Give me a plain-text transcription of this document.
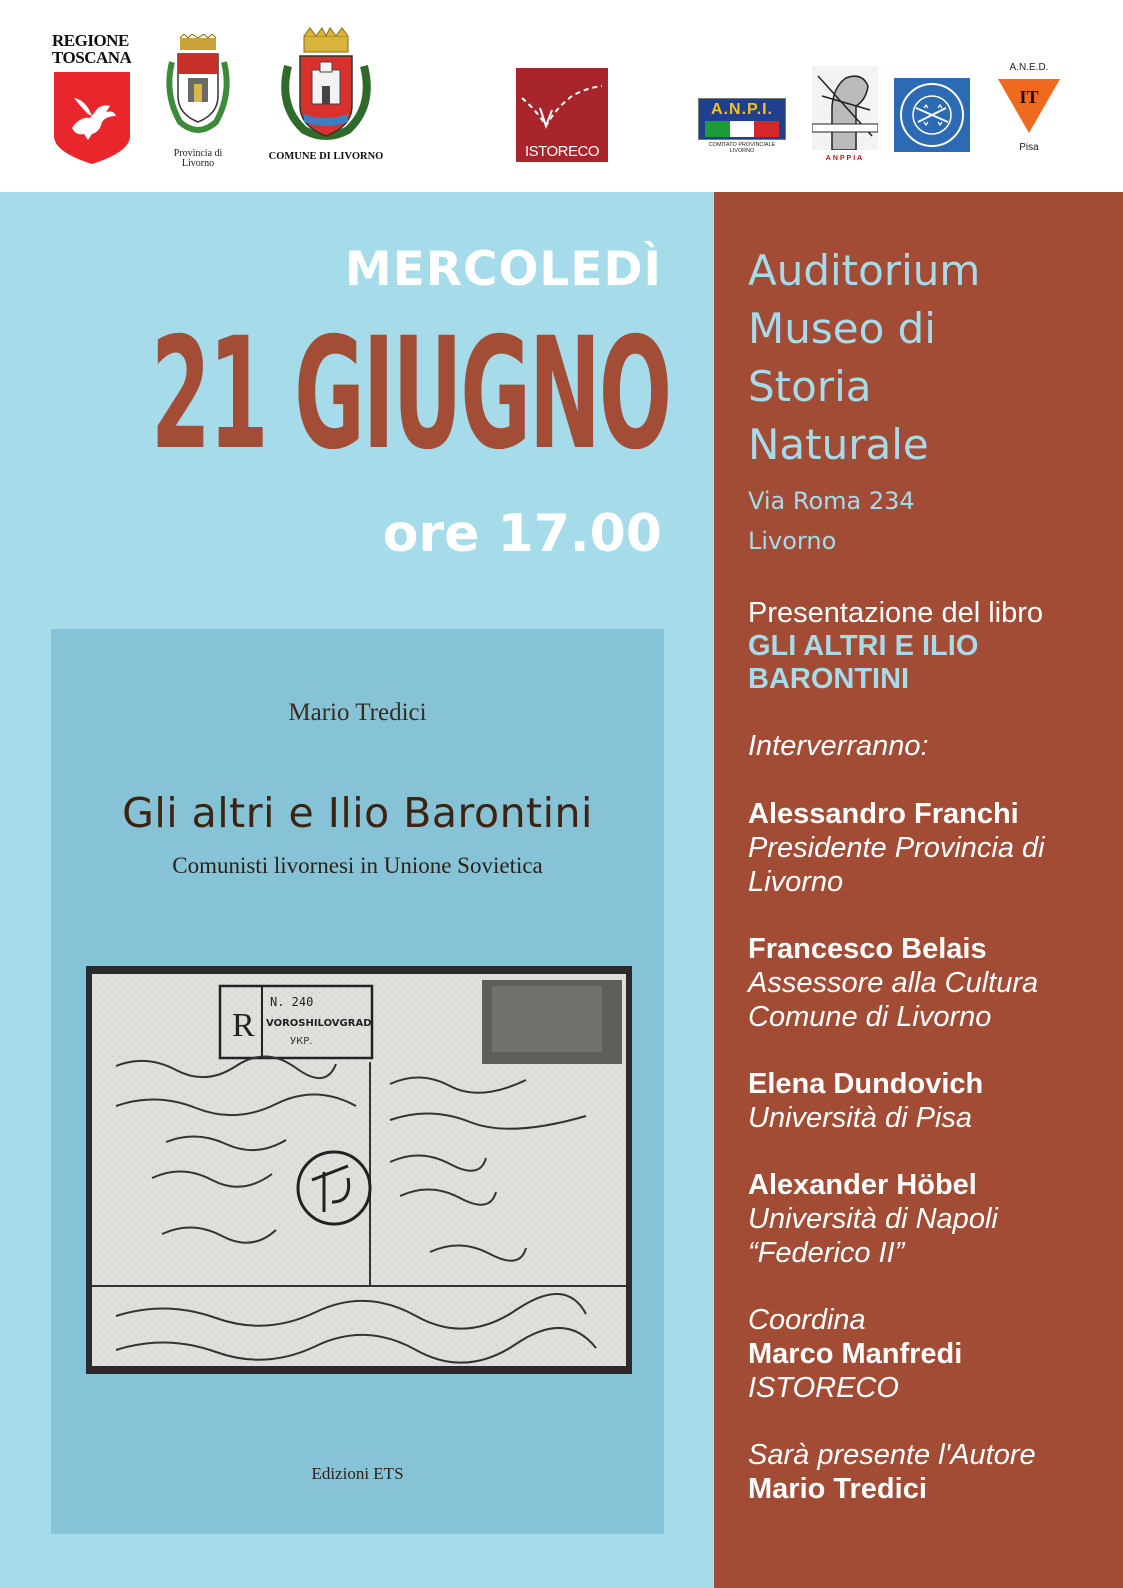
REGIONE TOSCANA
Provincia di Livorno
COMUNE DI LIVORNO	ISTORECO
A.N.P.I.
COMITATO PROVINCIALE LIVORNO
ANPPIA
A.N.E.D.
IT
Pisa
MERCOLEDÌ
21 GIUGNO
ore 17.00
Mario Tredici
Gli altri e Ilio Barontini
Comunisti livornesi in Unione Sovietica
R
N. 240
VOROSHILOVGRAD
УКР.
Edizioni ETS
Auditorium
Museo di
Storia
Naturale
Via Roma 234
Livorno
Presentazione del libro
GLI ALTRI E ILIO
BARONTINI
Interverranno:
Alessandro Franchi
Presidente Provincia di
Livorno
Francesco Belais
Assessore alla Cultura
Comune di Livorno
Elena Dundovich
Università di Pisa
Alexander Höbel
Università di Napoli
“Federico II”
Coordina
Marco Manfredi
ISTORECO
Sarà presente l'Autore
Mario Tredici
